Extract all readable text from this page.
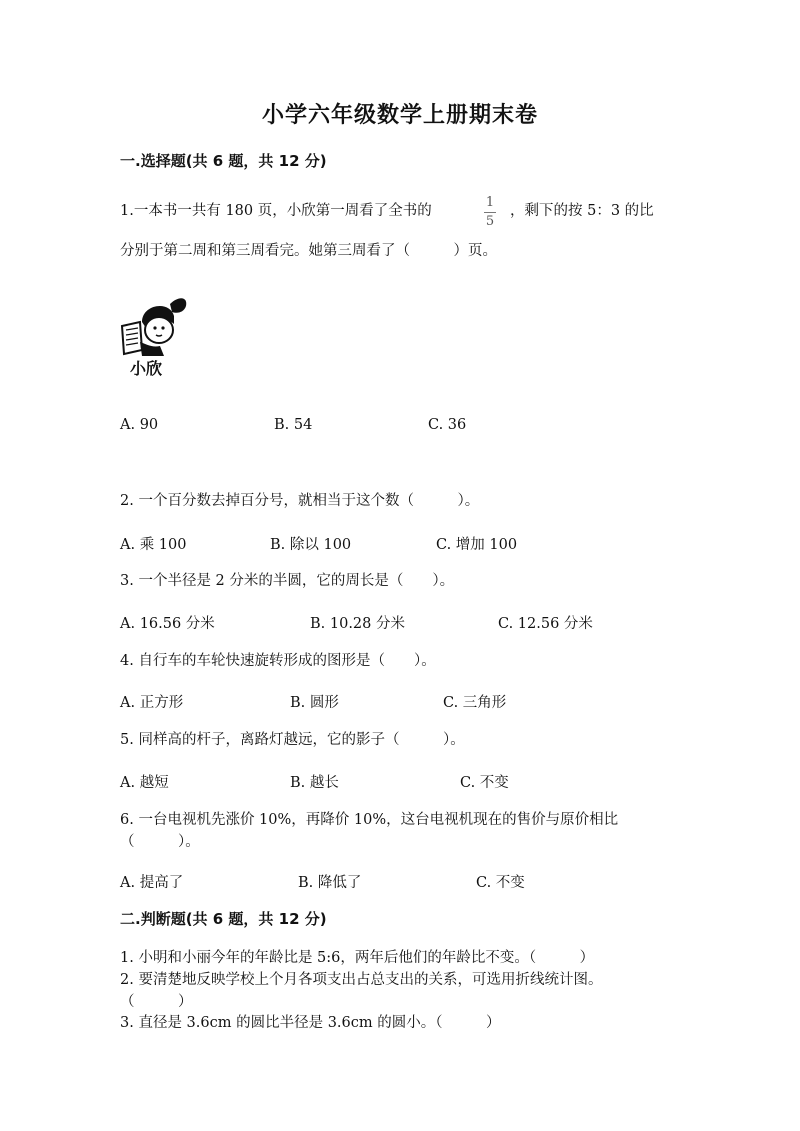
小学六年级数学上册期末卷
一.选择题(共 6 题，共 12 分)
1.一本书一共有 180 页，小欣第一周看了全书的
1
5
，剩下的按 5：3 的比
分别于第二周和第三周看完。她第三周看了（　　　）页。
小欣
A. 90	B. 54	C. 36
2. 一个百分数去掉百分号，就相当于这个数（　　　）。
A. 乘 100	B. 除以 100	C. 增加 100
3. 一个半径是 2 分米的半圆，它的周长是（　　）。
A. 16.56 分米	B. 10.28 分米	C. 12.56 分米
4. 自行车的车轮快速旋转形成的图形是（　　）。
A. 正方形	B. 圆形	C. 三角形
5. 同样高的杆子，离路灯越远，它的影子（　　　）。
A. 越短	B. 越长	C. 不变
6. 一台电视机先涨价 10%，再降价 10%，这台电视机现在的售价与原价相比
（　　　）。
A. 提高了	B. 降低了	C. 不变
二.判断题(共 6 题，共 12 分)
1. 小明和小丽今年的年龄比是 5:6，两年后他们的年龄比不变。（　　　）
2. 要清楚地反映学校上个月各项支出占总支出的关系，可选用折线统计图。
（　　　）
3. 直径是 3.6cm 的圆比半径是 3.6cm 的圆小。（　　　）
